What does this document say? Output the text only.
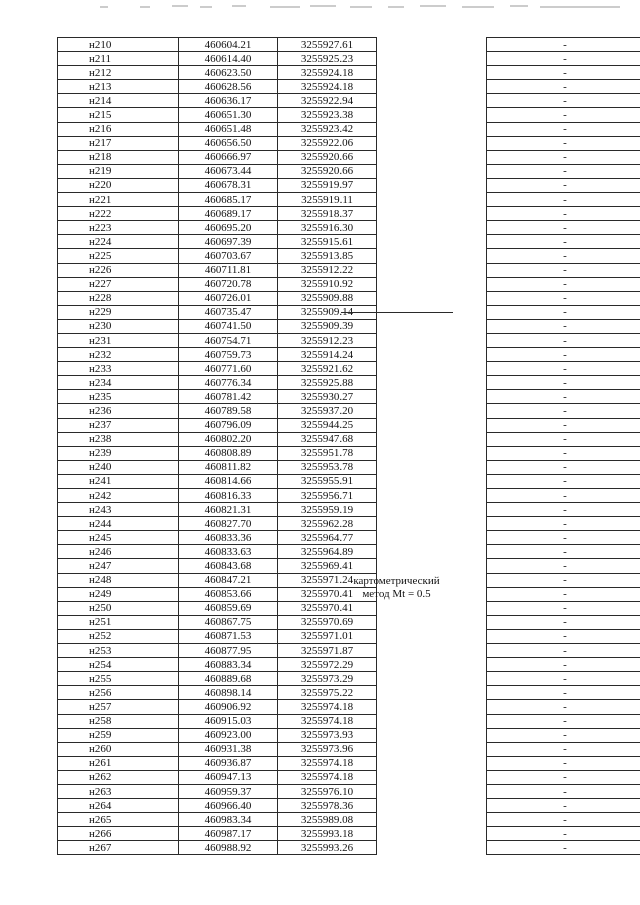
н210	460604.21	3255927.61		-
н211	460614.40	3255925.23		-
н212	460623.50	3255924.18		-
н213	460628.56	3255924.18		-
н214	460636.17	3255922.94		-
н215	460651.30	3255923.38		-
н216	460651.48	3255923.42		-
н217	460656.50	3255922.06		-
н218	460666.97	3255920.66		-
н219	460673.44	3255920.66		-
н220	460678.31	3255919.97		-
н221	460685.17	3255919.11		-
н222	460689.17	3255918.37		-
н223	460695.20	3255916.30		-
н224	460697.39	3255915.61		-
н225	460703.67	3255913.85		-
н226	460711.81	3255912.22		-
н227	460720.78	3255910.92		-
н228	460726.01	3255909.88		-
н229	460735.47	3255909.14		-
н230	460741.50	3255909.39		-
н231	460754.71	3255912.23		-
н232	460759.73	3255914.24		-
н233	460771.60	3255921.62		-
н234	460776.34	3255925.88		-
н235	460781.42	3255930.27		-
н236	460789.58	3255937.20		-
н237	460796.09	3255944.25		-
н238	460802.20	3255947.68		-
н239	460808.89	3255951.78		-
н240	460811.82	3255953.78		-
н241	460814.66	3255955.91		-
н242	460816.33	3255956.71		-
н243	460821.31	3255959.19		-
н244	460827.70	3255962.28		-
н245	460833.36	3255964.77		-
н246	460833.63	3255964.89		-
н247	460843.68	3255969.41		-
н248	460847.21	3255971.24		-
н249	460853.66	3255970.41		-
н250	460859.69	3255970.41		-
н251	460867.75	3255970.69		-
н252	460871.53	3255971.01		-
н253	460877.95	3255971.87		-
н254	460883.34	3255972.29		-
н255	460889.68	3255973.29		-
н256	460898.14	3255975.22		-
н257	460906.92	3255974.18		-
н258	460915.03	3255974.18		-
н259	460923.00	3255973.93		-
н260	460931.38	3255973.96		-
н261	460936.87	3255974.18		-
н262	460947.13	3255974.18		-
н263	460959.37	3255976.10		-
н264	460966.40	3255978.36		-
н265	460983.34	3255989.08		-
н266	460987.17	3255993.18		-
н267	460988.92	3255993.26		-
картометрический
метод Mt = 0.5
